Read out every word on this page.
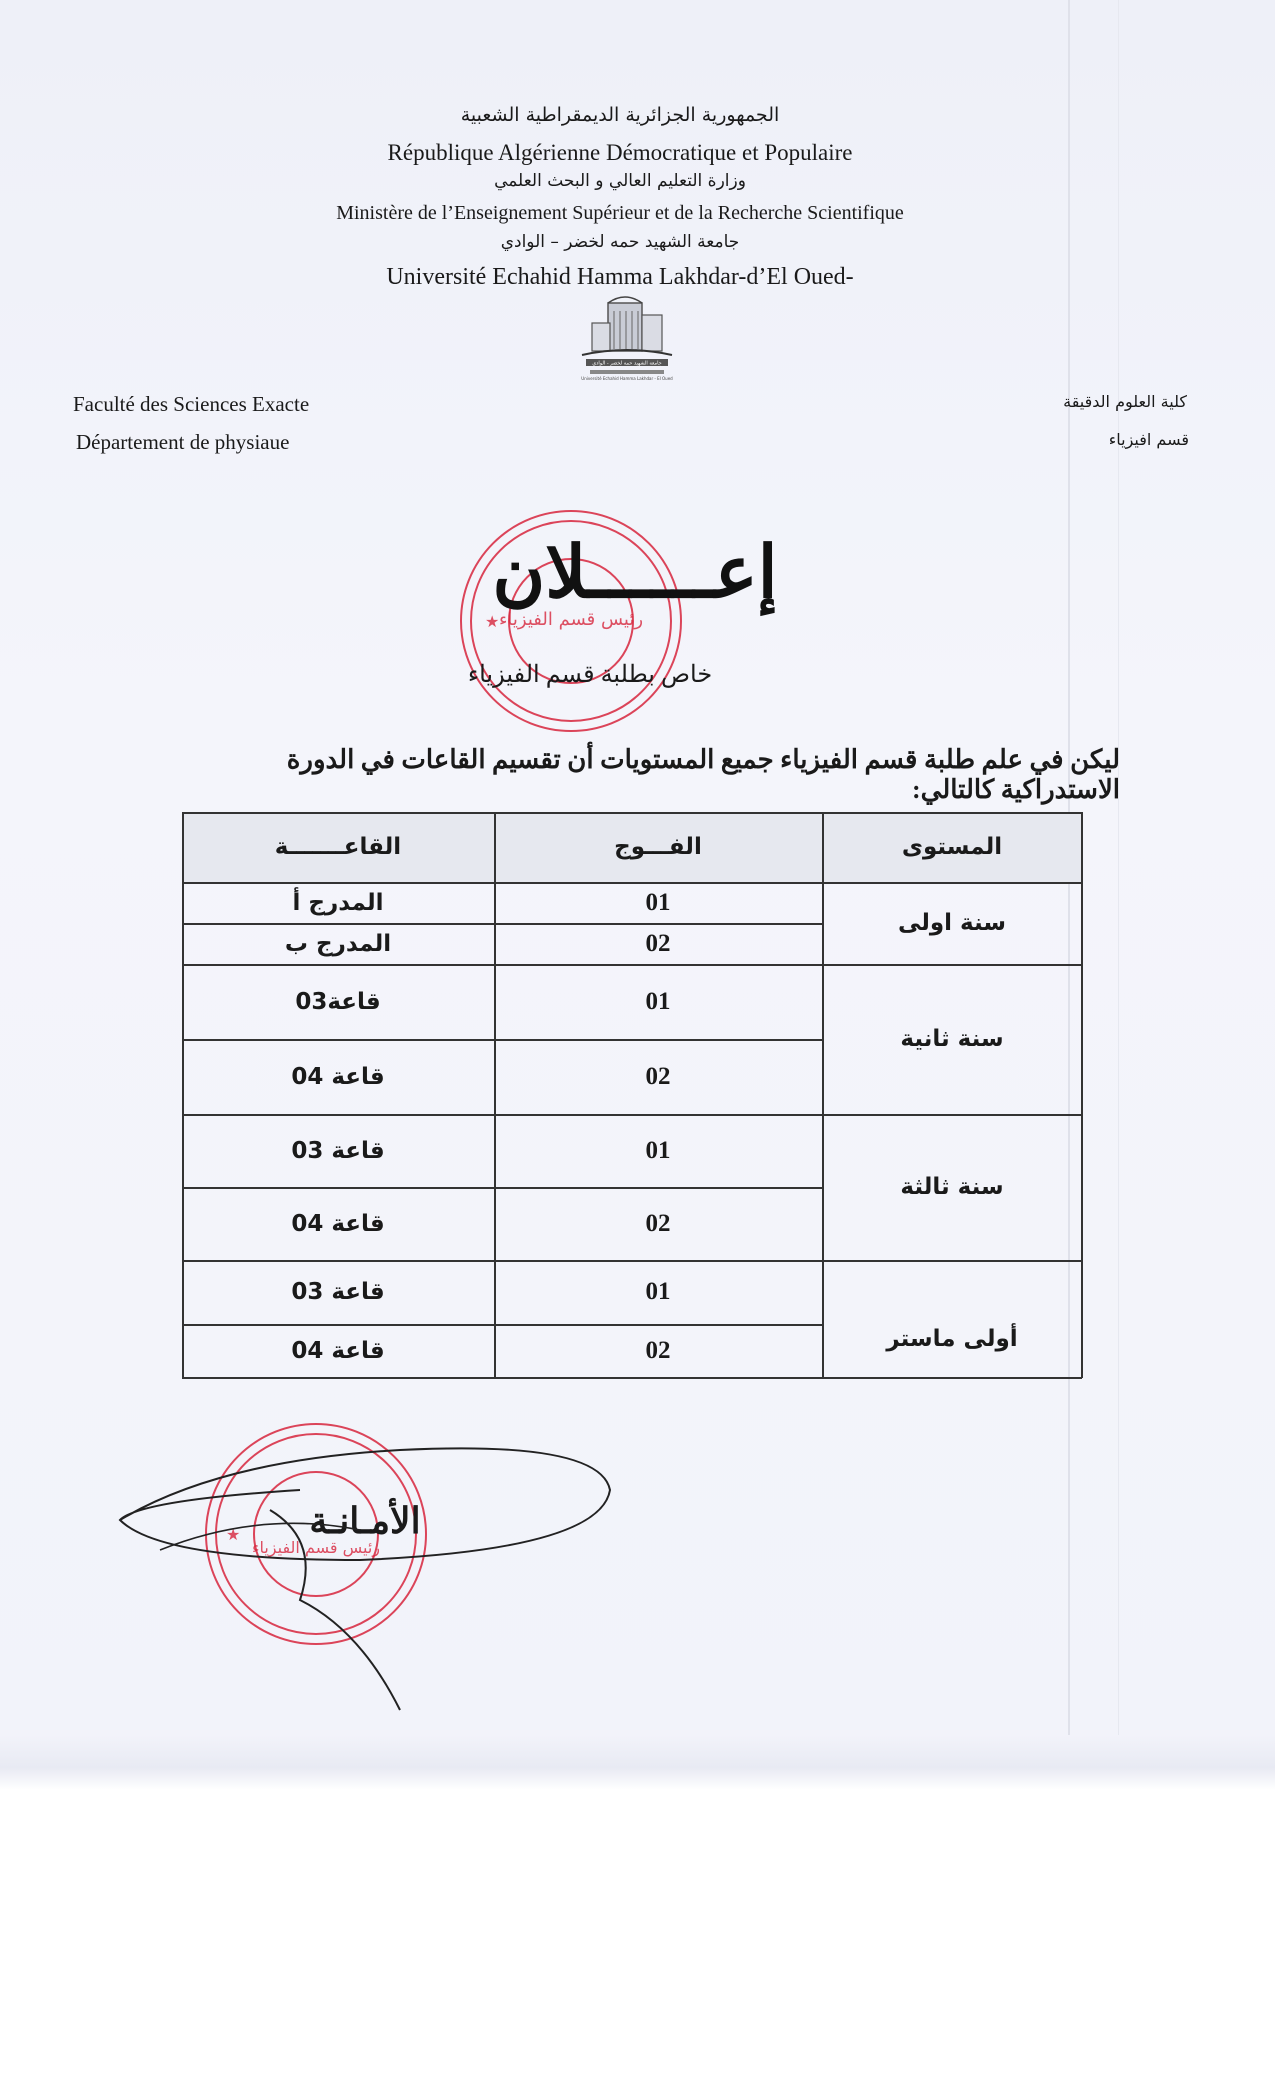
الجمهورية الجزائرية الديمقراطية الشعبية
République Algérienne Démocratique et Populaire
وزارة التعليم العالي و البحث العلمي
Ministère de l’Enseignement Supérieur et de la Recherche Scientifique
جامعة الشهيد حمه لخضر – الوادي
Université Echahid Hamma Lakhdar-d’El Oued-
جامعة الشهيد حمة لخضر - الوادي
Université Echahid Hamma Lakhdar - El Oued
Faculté des Sciences Exacte
Département de physiaue
كلية العلوم الدقيقة
قسم افيزياء
رئيس قسم الفيزياء
★
إعــــــلان
خاص بطلبة قسم الفيزياء
ليكن في علم طلبة قسم الفيزياء جميع المستويات أن تقسيم القاعات في الدورة الاستدراكية كالتالي:
المستوى
الفـــوج
القاعـــــــة
سنة اولى
01
المدرج أ
02
المدرج ب
سنة ثانية
01
قاعة03
02
قاعة 04
سنة ثالثة
01
قاعة 03
02
قاعة 04
أولى ماستر
01
قاعة 03
02
قاعة 04
رئيس قسم الفيزياء
★	الأمـانـة
